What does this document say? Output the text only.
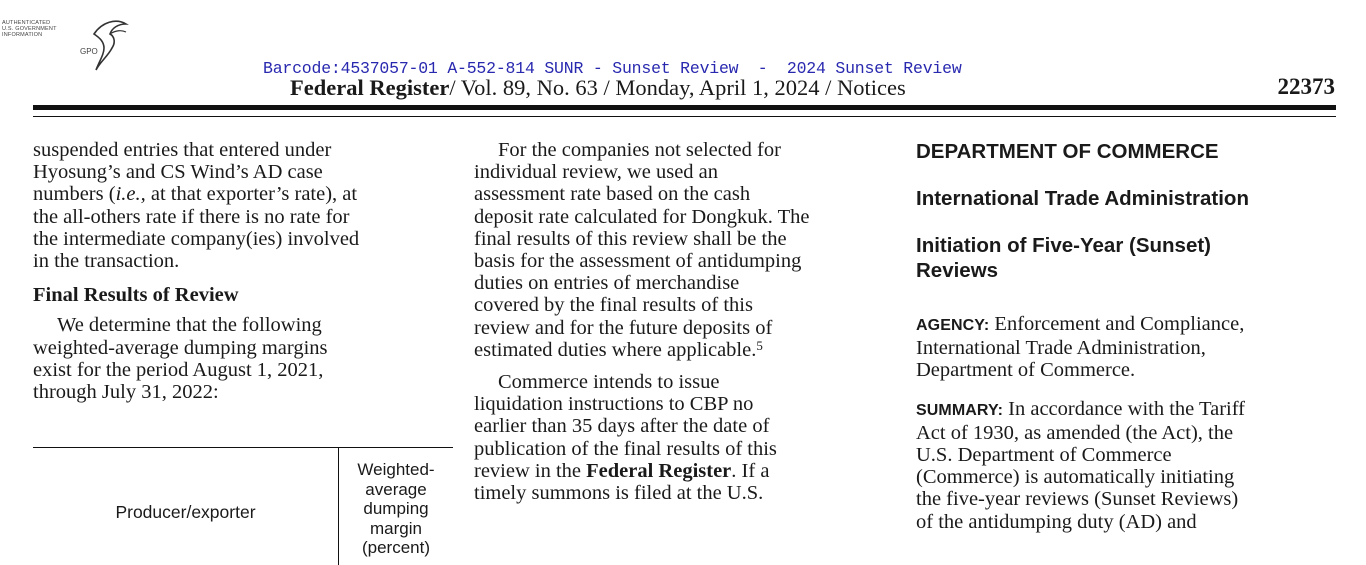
AUTHENTICATED
U.S. GOVERNMENT
INFORMATION
GPO
Barcode:4537057-01 A-552-814 SUNR - Sunset Review  -  2024 Sunset Review
Federal Register/ Vol. 89, No. 63 / Monday, April 1, 2024 / Notices	22373

suspended entries that entered under
Hyosung’s and CS Wind’s AD case
numbers (i.e., at that exporter’s rate), at
the all-others rate if there is no rate for
the intermediate company(ies) involved
in the transaction.

Final Results of Review

We determine that the following
weighted-average dumping margins
exist for the period August 1, 2021,
through July 31, 2022:

Producer/exporter
Weighted-
average
dumping
margin
(percent)

For the companies not selected for
individual review, we used an
assessment rate based on the cash
deposit rate calculated for Dongkuk. The
final results of this review shall be the
basis for the assessment of antidumping
duties on entries of merchandise
covered by the final results of this
review and for the future deposits of
estimated duties where applicable.$^5$

Commerce intends to issue
liquidation instructions to CBP no
earlier than 35 days after the date of
publication of the final results of this
review in the Federal Register. If a
timely summons is filed at the U.S.

DEPARTMENT OF COMMERCE

International Trade Administration

Initiation of Five-Year (Sunset)
Reviews

AGENCY: Enforcement and Compliance,
International Trade Administration,
Department of Commerce.

SUMMARY: In accordance with the Tariff
Act of 1930, as amended (the Act), the
U.S. Department of Commerce
(Commerce) is automatically initiating
the five-year reviews (Sunset Reviews)
of the antidumping duty (AD) and
